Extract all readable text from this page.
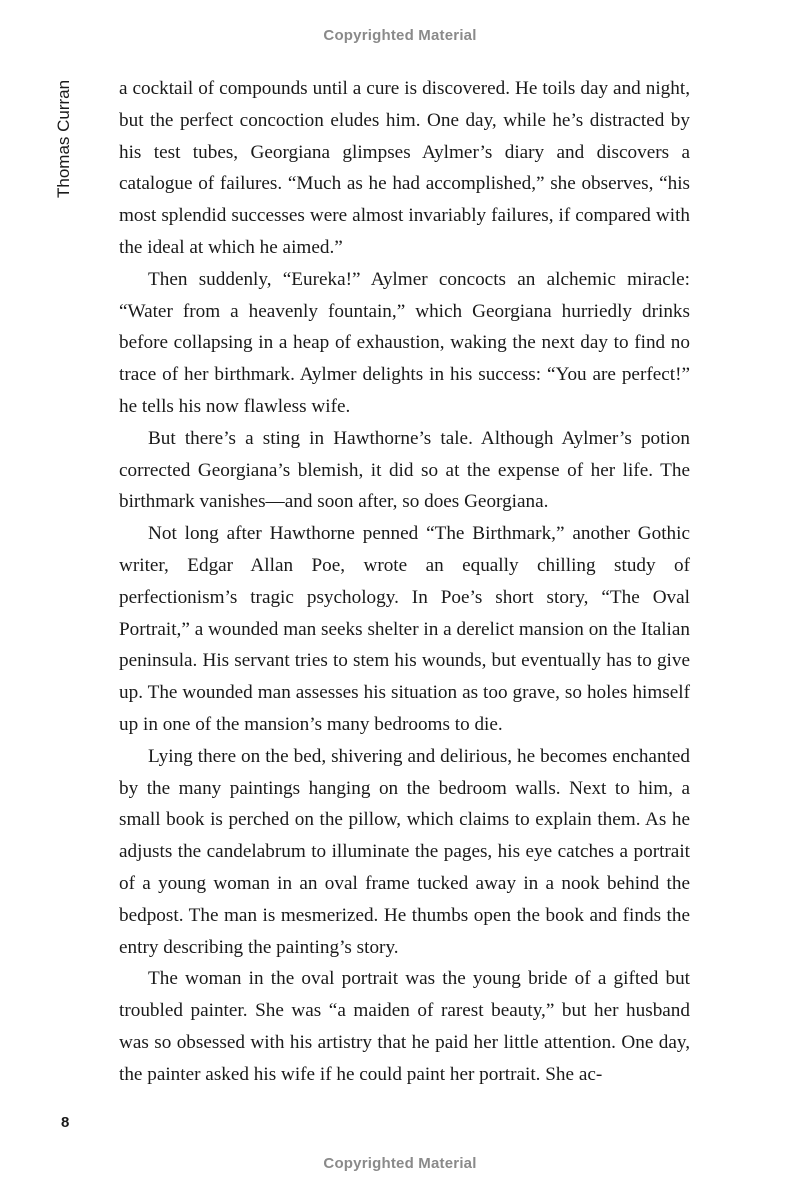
Copyrighted Material
Thomas Curran a cocktail of compounds until a cure is discovered. He toils day and night, but the perfect concoction eludes him. One day, while he’s distracted by his test tubes, Georgiana glimpses Aylmer’s diary and discovers a catalogue of failures. “Much as he had accomplished,” she observes, “his most splendid successes were almost invariably failures, if compared with the ideal at which he aimed.”

Then suddenly, “Eureka!” Aylmer concocts an alchemic miracle: “Water from a heavenly fountain,” which Georgiana hurriedly drinks before collapsing in a heap of exhaustion, waking the next day to find no trace of her birthmark. Aylmer delights in his success: “You are perfect!” he tells his now flawless wife.

But there’s a sting in Hawthorne’s tale. Although Aylmer’s potion corrected Georgiana’s blemish, it did so at the expense of her life. The birthmark vanishes—and soon after, so does Georgiana.

Not long after Hawthorne penned “The Birthmark,” another Gothic writer, Edgar Allan Poe, wrote an equally chilling study of perfectionism’s tragic psychology. In Poe’s short story, “The Oval Portrait,” a wounded man seeks shelter in a derelict mansion on the Italian peninsula. His servant tries to stem his wounds, but eventually has to give up. The wounded man assesses his situation as too grave, so holes himself up in one of the mansion’s many bedrooms to die.

Lying there on the bed, shivering and delirious, he becomes enchanted by the many paintings hanging on the bedroom walls. Next to him, a small book is perched on the pillow, which claims to explain them. As he adjusts the candelabrum to illuminate the pages, his eye catches a portrait of a young woman in an oval frame tucked away in a nook behind the bedpost. The man is mesmerized. He thumbs open the book and finds the entry describing the painting’s story.

The woman in the oval portrait was the young bride of a gifted but troubled painter. She was “a maiden of rarest beauty,” but her husband was so obsessed with his artistry that he paid her little attention. One day, the painter asked his wife if he could paint her portrait. She ac-

8
Copyrighted Material
